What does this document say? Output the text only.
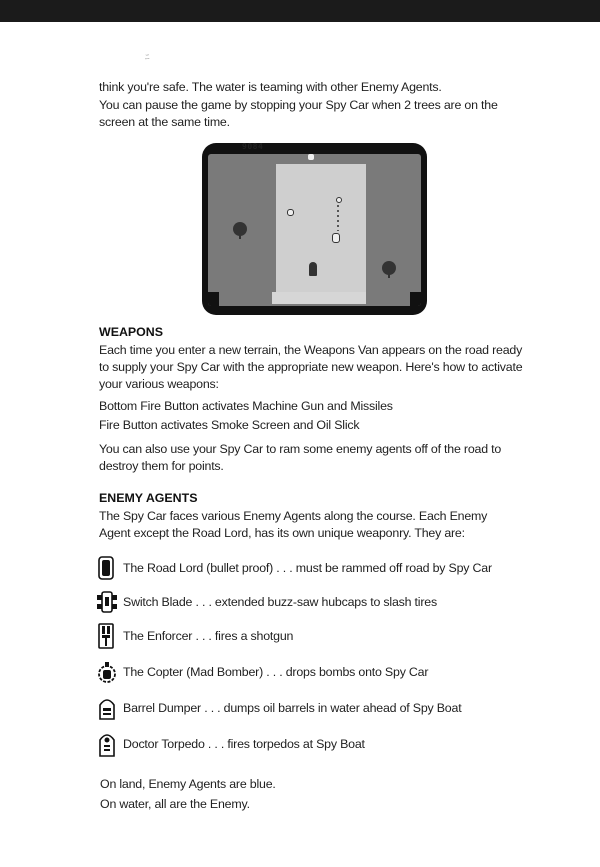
ﾆ
think you're safe. The water is teaming with other Enemy Agents.
You can pause the game by stopping your Spy Car when 2 trees are on the screen at the same time.
9084
WEAPONS
Each time you enter a new terrain, the Weapons Van appears on the road ready to supply your Spy Car with the appropriate new weapon. Here's how to activate your various weapons:
Bottom Fire Button activates Machine Gun and Missiles
Fire Button activates Smoke Screen and Oil Slick
You can also use your Spy Car to ram some enemy agents off of the road to destroy them for points.
ENEMY AGENTS
The Spy Car faces various Enemy Agents along the course. Each Enemy Agent except the Road Lord, has its own unique weaponry. They are:
The Road Lord (bullet proof) . . . must be rammed off road by Spy Car
Switch Blade . . . extended buzz-saw hubcaps to slash tires
The Enforcer . . . fires a shotgun
The Copter (Mad Bomber) . . . drops bombs onto Spy Car
Barrel Dumper . . . dumps oil barrels in water ahead of Spy Boat
Doctor Torpedo . . . fires torpedos at Spy Boat
On land, Enemy Agents are blue.
On water, all are the Enemy.
